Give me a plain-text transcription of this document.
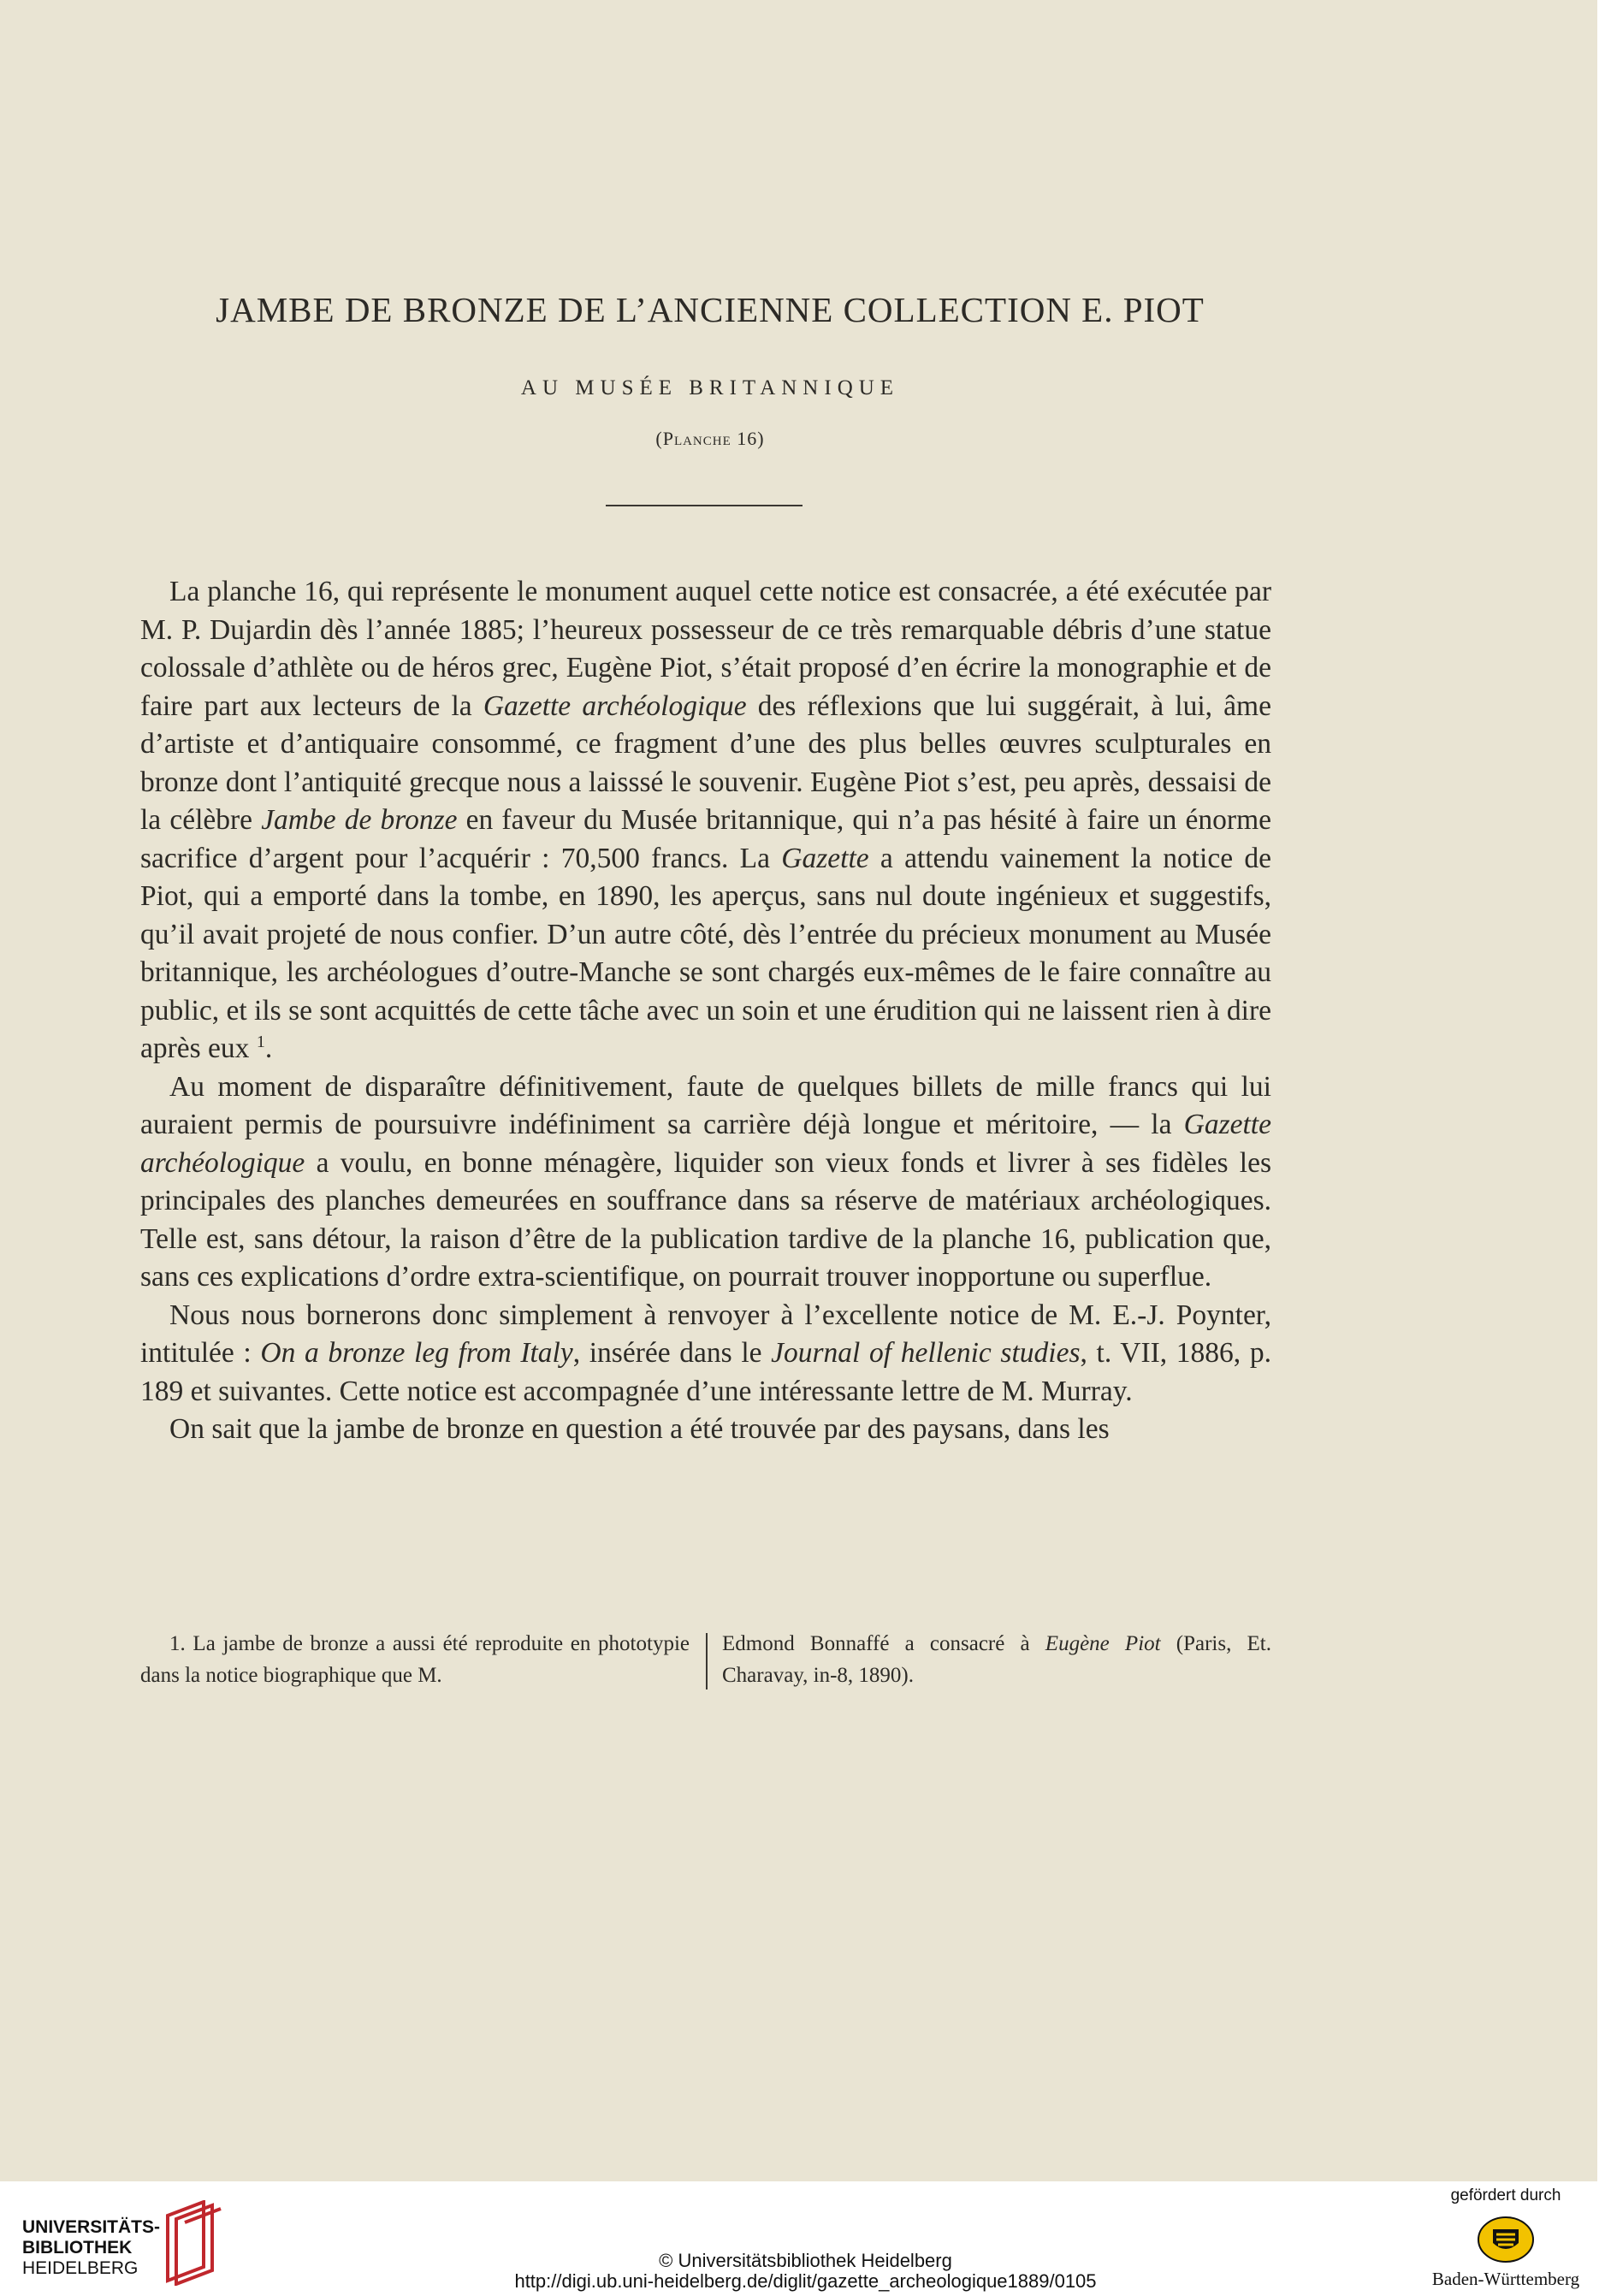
JAMBE DE BRONZE DE L’ANCIENNE COLLECTION E. PIOT
AU MUSÉE BRITANNIQUE
(Planche 16)

La planche 16, qui représente le monument auquel cette notice est consacrée, a été exécutée par M. P. Dujardin dès l’année 1885; l’heureux possesseur de ce très remarquable débris d’une statue colossale d’athlète ou de héros grec, Eugène Piot, s’était proposé d’en écrire la monographie et de faire part aux lecteurs de la Gazette archéologique des réflexions que lui suggérait, à lui, âme d’artiste et d’antiquaire consommé, ce fragment d’une des plus belles œuvres sculpturales en bronze dont l’antiquité grecque nous a laisssé le souvenir. Eugène Piot s’est, peu après, dessaisi de la célèbre Jambe de bronze en faveur du Musée britannique, qui n’a pas hésité à faire un énorme sacrifice d’argent pour l’acquérir : 70,500 francs. La Gazette a attendu vainement la notice de Piot, qui a emporté dans la tombe, en 1890, les aperçus, sans nul doute ingénieux et suggestifs, qu’il avait projeté de nous confier. D’un autre côté, dès l’entrée du précieux monument au Musée britannique, les archéologues d’outre-Manche se sont chargés eux-mêmes de le faire connaître au public, et ils se sont acquittés de cette tâche avec un soin et une érudition qui ne laissent rien à dire après eux $^1$.

Au moment de disparaître définitivement, faute de quelques billets de mille francs qui lui auraient permis de poursuivre indéfiniment sa carrière déjà longue et méritoire, — la Gazette archéologique a voulu, en bonne ménagère, liquider son vieux fonds et livrer à ses fidèles les principales des planches demeurées en souffrance dans sa réserve de matériaux archéologiques. Telle est, sans détour, la raison d’être de la publication tardive de la planche 16, publication que, sans ces explications d’ordre extra-scientifique, on pourrait trouver inopportune ou superflue.

Nous nous bornerons donc simplement à renvoyer à l’excellente notice de M. E.-J. Poynter, intitulée : On a bronze leg from Italy, insérée dans le Journal of hellenic studies, t. VII, 1886, p. 189 et suivantes. Cette notice est accompagnée d’une intéressante lettre de M. Murray.

On sait que la jambe de bronze en question a été trouvée par des paysans, dans les

1. La jambe de bronze a aussi été reproduite en phototypie dans la notice biographique que M.
Edmond Bonnaffé a consacré à Eugène Piot (Paris, Et. Charavay, in-8, 1890).
UNIVERSITÄTS-
BIBLIOTHEK
HEIDELBERG	© Universitätsbibliothek Heidelberg
http://digi.ub.uni-heidelberg.de/diglit/gazette_archeologique1889/0105
gefördert durch
Baden-Württemberg
